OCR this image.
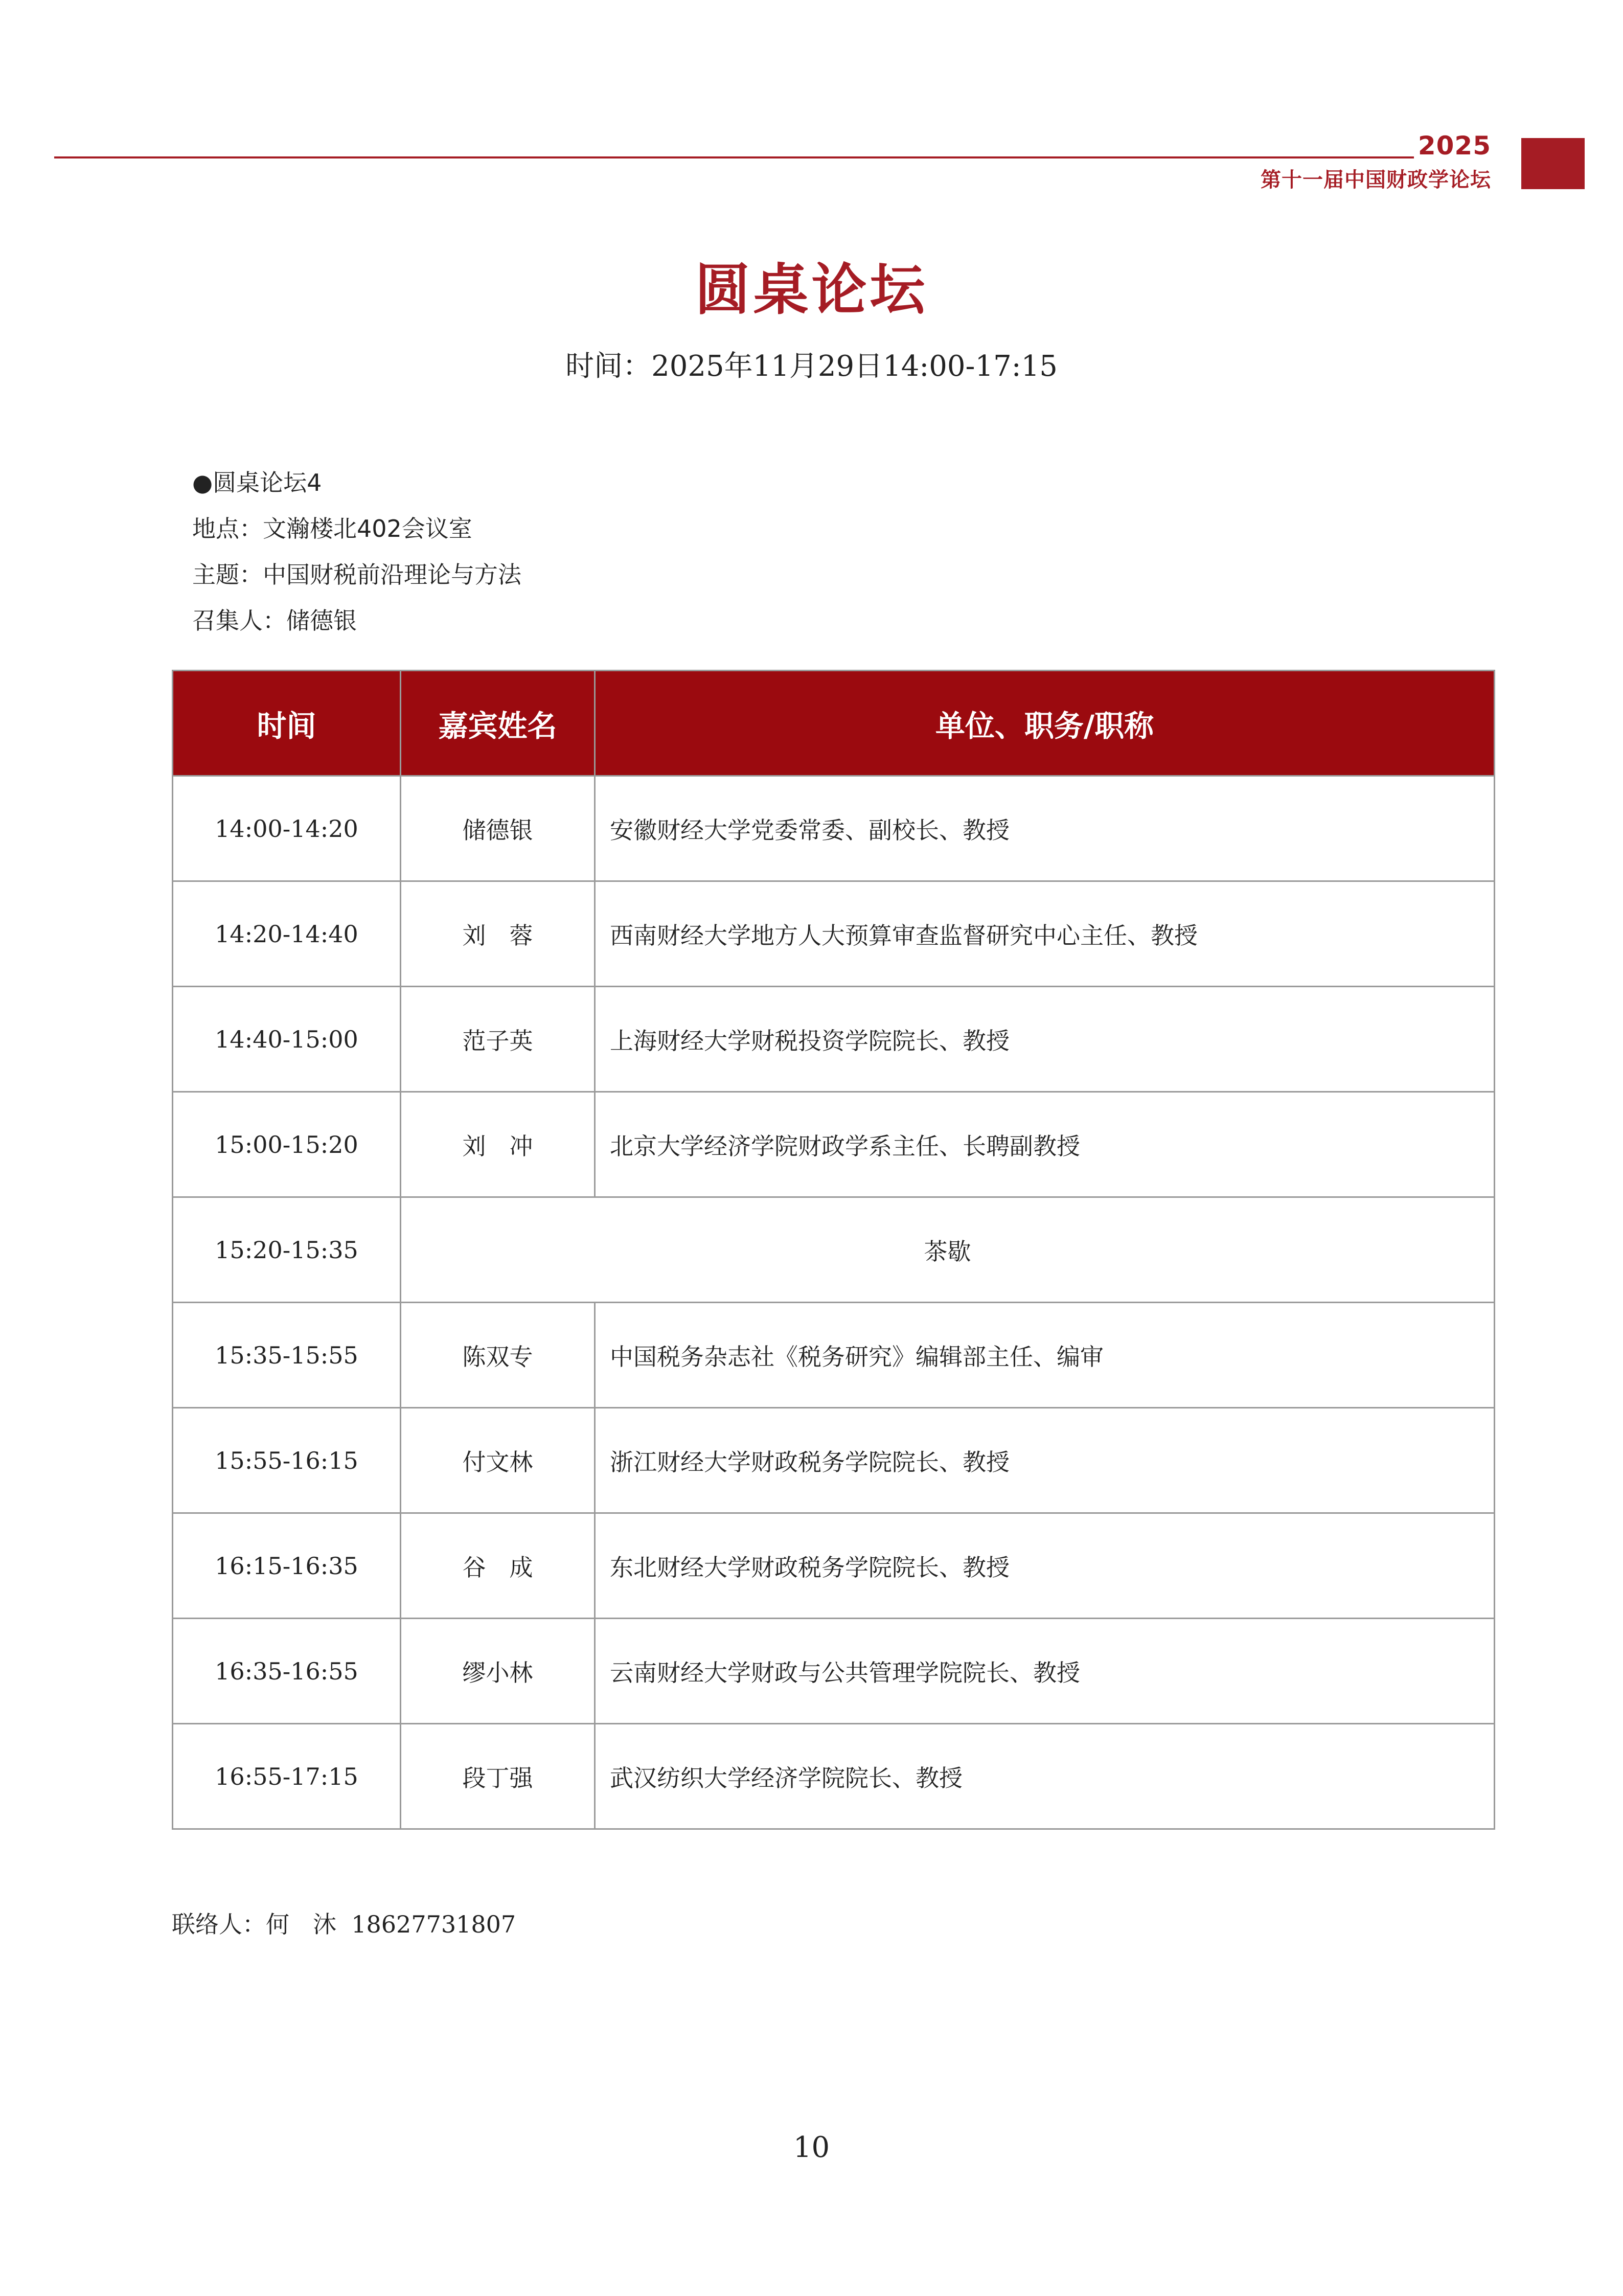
2025
第十一届中国财政学论坛
圆桌论坛
时间：2025年11月29日14:00-17:15
●圆桌论坛4
地点：文瀚楼北402会议室
主题：中国财税前沿理论与方法
召集人：储德银
时间	嘉宾姓名	单位、职务/职称
14:00-14:20	储德银	安徽财经大学党委常委、副校长、教授
14:20-14:40	刘　蓉	西南财经大学地方人大预算审查监督研究中心主任、教授
14:40-15:00	范子英	上海财经大学财税投资学院院长、教授
15:00-15:20	刘　冲	北京大学经济学院财政学系主任、长聘副教授
15:20-15:35	茶歇	
15:35-15:55	陈双专	中国税务杂志社《税务研究》编辑部主任、编审
15:55-16:15	付文林	浙江财经大学财政税务学院院长、教授
16:15-16:35	谷　成	东北财经大学财政税务学院院长、教授
16:35-16:55	缪小林	云南财经大学财政与公共管理学院院长、教授
16:55-17:15	段丁强	武汉纺织大学经济学院院长、教授
联络人：何　沐 18627731807
10
